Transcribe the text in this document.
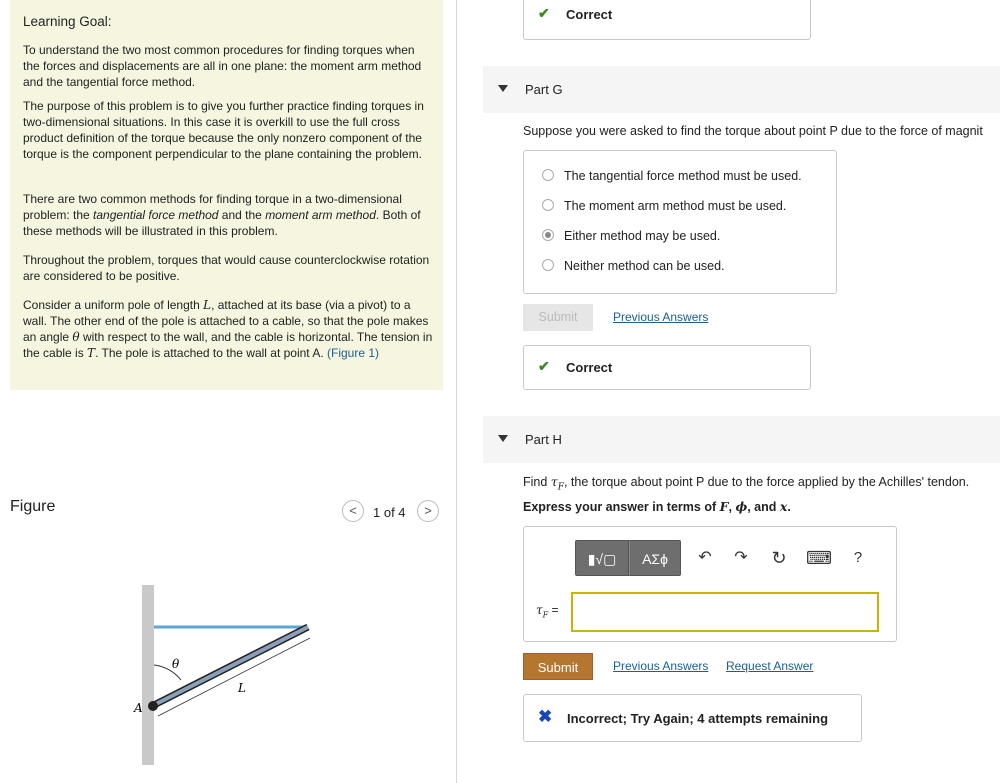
Learning Goal:

To understand the two most common procedures for finding torques when the forces and displacements are all in one plane: the moment arm method and the tangential force method.

The purpose of this problem is to give you further practice finding torques in two-dimensional situations. In this case it is overkill to use the full cross product definition of the torque because the only nonzero component of the torque is the component perpendicular to the plane containing the problem.

There are two common methods for finding torque in a two-dimensional problem: the tangential force method and the moment arm method. Both of these methods will be illustrated in this problem.

Throughout the problem, torques that would cause counterclockwise rotation are considered to be positive.

Consider a uniform pole of length L, attached at its base (via a pivot) to a wall. The other end of the pole is attached to a cable, so that the pole makes an angle θ with respect to the wall, and the cable is horizontal. The tension in the cable is T. The pole is attached to the wall at point A. (Figure 1)

Figure	<	1 of 4	>
θ
L
A
✔ Correct
Part G
Suppose you were asked to find the torque about point P due to the force of magnit
The tangential force method must be used.
The moment arm method must be used.
Either method may be used.
Neither method can be used.
Submit	Previous Answers
✔ Correct
Part H
Find $\tau_F$, the torque about point P due to the force applied by the Achilles' tendon.
Express your answer in terms of F, ϕ, and x.
▮√▢	ΑΣϕ	↶	↷	↻	⌨	?
$\tau_F$ =
Submit	Previous Answers Request Answer
✖ Incorrect; Try Again; 4 attempts remaining
